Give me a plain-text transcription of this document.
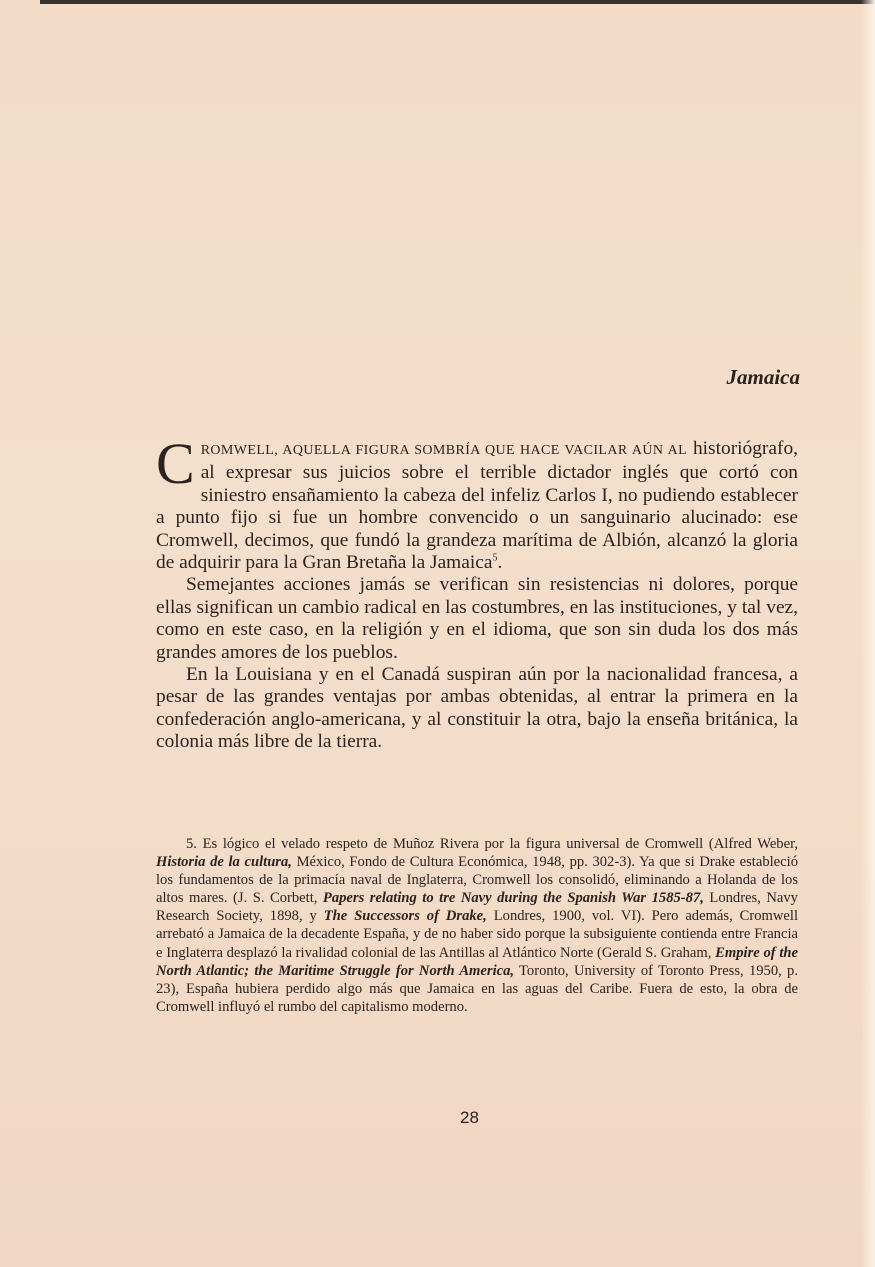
Jamaica

CROMWELL, AQUELLA FIGURA SOMBRÍA QUE HACE VACILAR AÚN AL historiógrafo, al expresar sus juicios sobre el terrible dictador inglés que cortó con siniestro ensañamiento la cabeza del infeliz Carlos I, no pudiendo establecer a punto fijo si fue un hombre convencido o un sanguinario alucinado: ese Cromwell, decimos, que fundó la grandeza marítima de Albión, alcanzó la gloria de adquirir para la Gran Bretaña la Jamaica$^5$.

Semejantes acciones jamás se verifican sin resistencias ni dolores, porque ellas significan un cambio radical en las costumbres, en las instituciones, y tal vez, como en este caso, en la religión y en el idioma, que son sin duda los dos más grandes amores de los pueblos.

En la Louisiana y en el Canadá suspiran aún por la nacionalidad francesa, a pesar de las grandes ventajas por ambas obtenidas, al entrar la primera en la confederación anglo-americana, y al constituir la otra, bajo la enseña británica, la colonia más libre de la tierra.

5. Es lógico el velado respeto de Muñoz Rivera por la figura universal de Cromwell (Alfred Weber, Historia de la cultura, México, Fondo de Cultura Económica, 1948, pp. 302-3). Ya que si Drake estableció los fundamentos de la primacía naval de Inglaterra, Cromwell los consolidó, eliminando a Holanda de los altos mares. (J. S. Corbett, Papers relating to tre Navy during the Spanish War 1585-87, Londres, Navy Research Society, 1898, y The Successors of Drake, Londres, 1900, vol. VI). Pero además, Cromwell arrebató a Jamaica de la decadente España, y de no haber sido porque la subsiguiente contienda entre Francia e Inglaterra desplazó la rivalidad colonial de las Antillas al Atlántico Norte (Gerald S. Graham, Empire of the North Atlantic; the Maritime Struggle for North America, Toronto, University of Toronto Press, 1950, p. 23), España hubiera perdido algo más que Jamaica en las aguas del Caribe. Fuera de esto, la obra de Cromwell influyó el rumbo del capitalismo moderno.

28
